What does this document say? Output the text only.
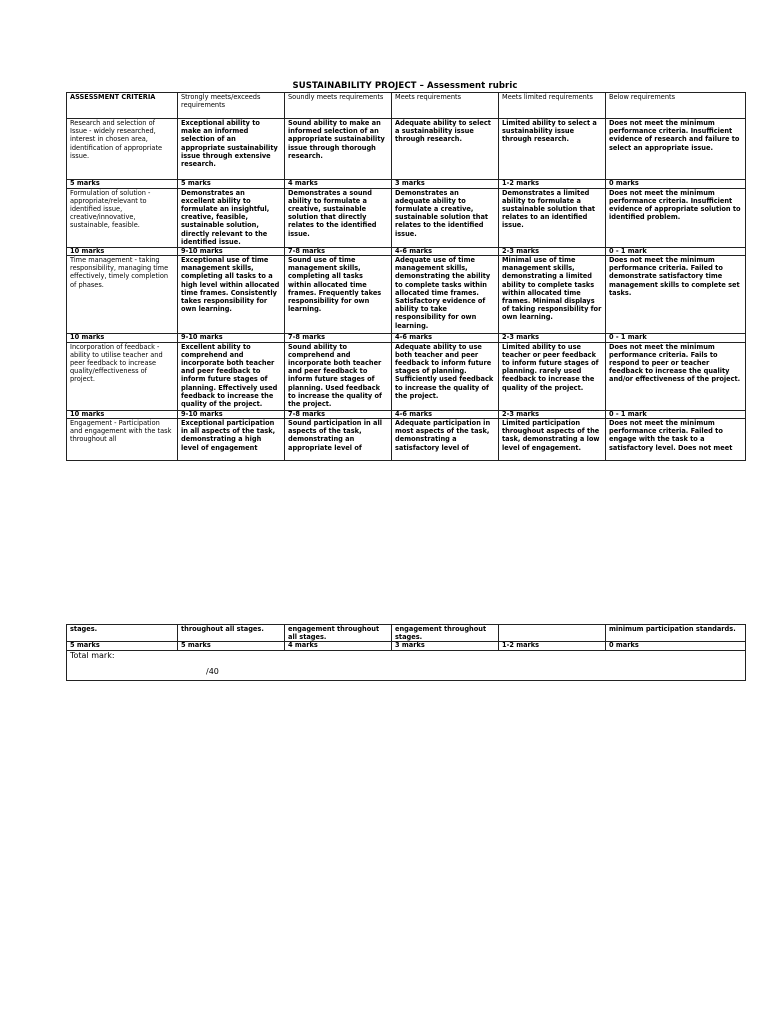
SUSTAINABILITY PROJECT – Assessment rubric
ASSESSMENT CRITERIA	Strongly meets/exceeds requirements	Soundly meets requirements	Meets requirements	Meets limited requirements	Below requirements
Research and selection of Issue - widely researched, interest in chosen area, identification of appropriate issue.	Exceptional ability to make an informed selection of an appropriate sustainability issue through extensive research.	Sound ability to make an informed selection of an appropriate sustainability issue through thorough research.	Adequate ability to select a sustainability issue through research.	Limited ability to select a sustainability issue through research.	Does not meet the minimum performance criteria. Insufficient evidence of research and failure to select an appropriate issue.
5 marks	5 marks	4 marks	3 marks	1-2 marks	0 marks
Formulation of solution - appropriate/relevant to identified issue, creative/innovative, sustainable, feasible.	Demonstrates an excellent ability to formulate an insightful, creative, feasible, sustainable solution, directly relevant to the identified issue.	Demonstrates a sound ability to formulate a creative, sustainable solution that directly relates to the identified issue.	Demonstrates an adequate ability to formulate a creative, sustainable solution that relates to the identified issue.	Demonstrates a limited ability to formulate a sustainable solution that relates to an identified issue.	Does not meet the minimum performance criteria. Insufficient evidence of appropriate solution to identified problem.
10 marks	9-10 marks	7-8 marks	4-6 marks	2-3 marks	0 - 1 mark
Time management - taking responsibility, managing time effectively, timely completion of phases.	Exceptional use of time management skills, completing all tasks to a high level within allocated time frames. Consistently takes responsibility for own learning.	Sound use of time management skills, completing all tasks within allocated time frames. Frequently takes responsibility for own learning.	Adequate use of time management skills, demonstrating the ability to complete tasks within allocated time frames. Satisfactory evidence of ability to take responsibility for own learning.	Minimal use of time management skills, demonstrating a limited ability to complete tasks within allocated time frames. Minimal displays of taking responsibility for own learning.	Does not meet the minimum performance criteria. Failed to demonstrate satisfactory time management skills to complete set tasks.
10 marks	9-10 marks	7-8 marks	4-6 marks	2-3 marks	0 - 1 mark
Incorporation of feedback - ability to utilise teacher and peer feedback to increase quality/effectiveness of project.	Excellent ability to comprehend and incorporate both teacher and peer feedback to inform future stages of planning. Effectively used feedback to increase the quality of the project.	Sound ability to comprehend and incorporate both teacher and peer feedback to inform future stages of planning. Used feedback to increase the quality of the project.	Adequate ability to use both teacher and peer feedback to inform future stages of planning. Sufficiently used feedback to increase the quality of the project.	Limited ability to use teacher or peer feedback to inform future stages of planning. rarely used feedback to increase the quality of the project.	Does not meet the minimum performance criteria. Fails to respond to peer or teacher feedback to increase the quality and/or effectiveness of the project.
10 marks	9-10 marks	7-8 marks	4-6 marks	2-3 marks	0 - 1 mark
Engagement - Participation and engagement with the task throughout all	Exceptional participation in all aspects of the task, demonstrating a high level of engagement	Sound participation in all aspects of the task, demonstrating an appropriate level of	Adequate participation in most aspects of the task, demonstrating a satisfactory level of	Limited participation throughout aspects of the task, demonstrating a low level of engagement.	Does not meet the minimum performance criteria. Failed to engage with the task to a satisfactory level. Does not meet
stages.	throughout all stages.	engagement throughout all stages.	engagement throughout stages.		minimum participation standards.
5 marks	5 marks	4 marks	3 marks	1-2 marks	0 marks
Total mark:
/40					
